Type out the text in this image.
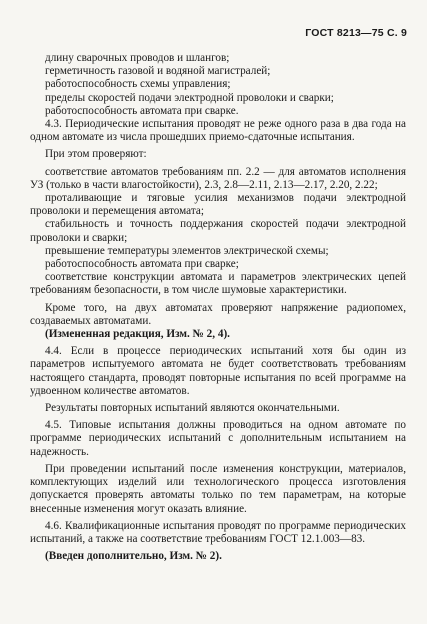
ГОСТ 8213—75 С. 9

длину сварочных проводов и шлангов;

герметичность газовой и водяной магистралей;

работоспособность схемы управления;

пределы скоростей подачи электродной проволоки и сварки;

работоспособность автомата при сварке.

4.3. Периодические испытания проводят не реже одного раза в два года на одном автомате из числа прошедших приемо-сдаточные испытания.

При этом проверяют:

соответствие автоматов требованиям пп. 2.2 — для автоматов исполнения УЗ (только в части влагостойкости), 2.3, 2.8—2.11, 2.13—2.17, 2.20, 2.22;

проталивающие и тяговые усилия механизмов подачи электродной проволоки и перемещения автомата;

стабильность и точность поддержания скоростей подачи электродной проволоки и сварки;

превышение температуры элементов электрической схемы;

работоспособность автомата при сварке;

соответствие конструкции автомата и параметров электрических цепей требованиям безопасности, в том числе шумовые характеристики.

Кроме того, на двух автоматах проверяют напряжение радиопомех, создаваемых автоматами.

(Измененная редакция, Изм. № 2, 4).

4.4. Если в процессе периодических испытаний хотя бы один из параметров испытуемого автомата не будет соответствовать требованиям настоящего стандарта, проводят повторные испытания по всей программе на удвоенном количестве автоматов.

Результаты повторных испытаний являются окончательными.

4.5. Типовые испытания должны проводиться на одном автомате по программе периодических испытаний с дополнительным испытанием на надежность.

При проведении испытаний после изменения конструкции, материалов, комплектующих изделий или технологического процесса изготовления допускается проверять автоматы только по тем параметрам, на которые внесенные изменения могут оказать влияние.

4.6. Квалификационные испытания проводят по программе периодических испытаний, а также на соответствие требованиям ГОСТ 12.1.003—83.

(Введен дополнительно, Изм. № 2).
